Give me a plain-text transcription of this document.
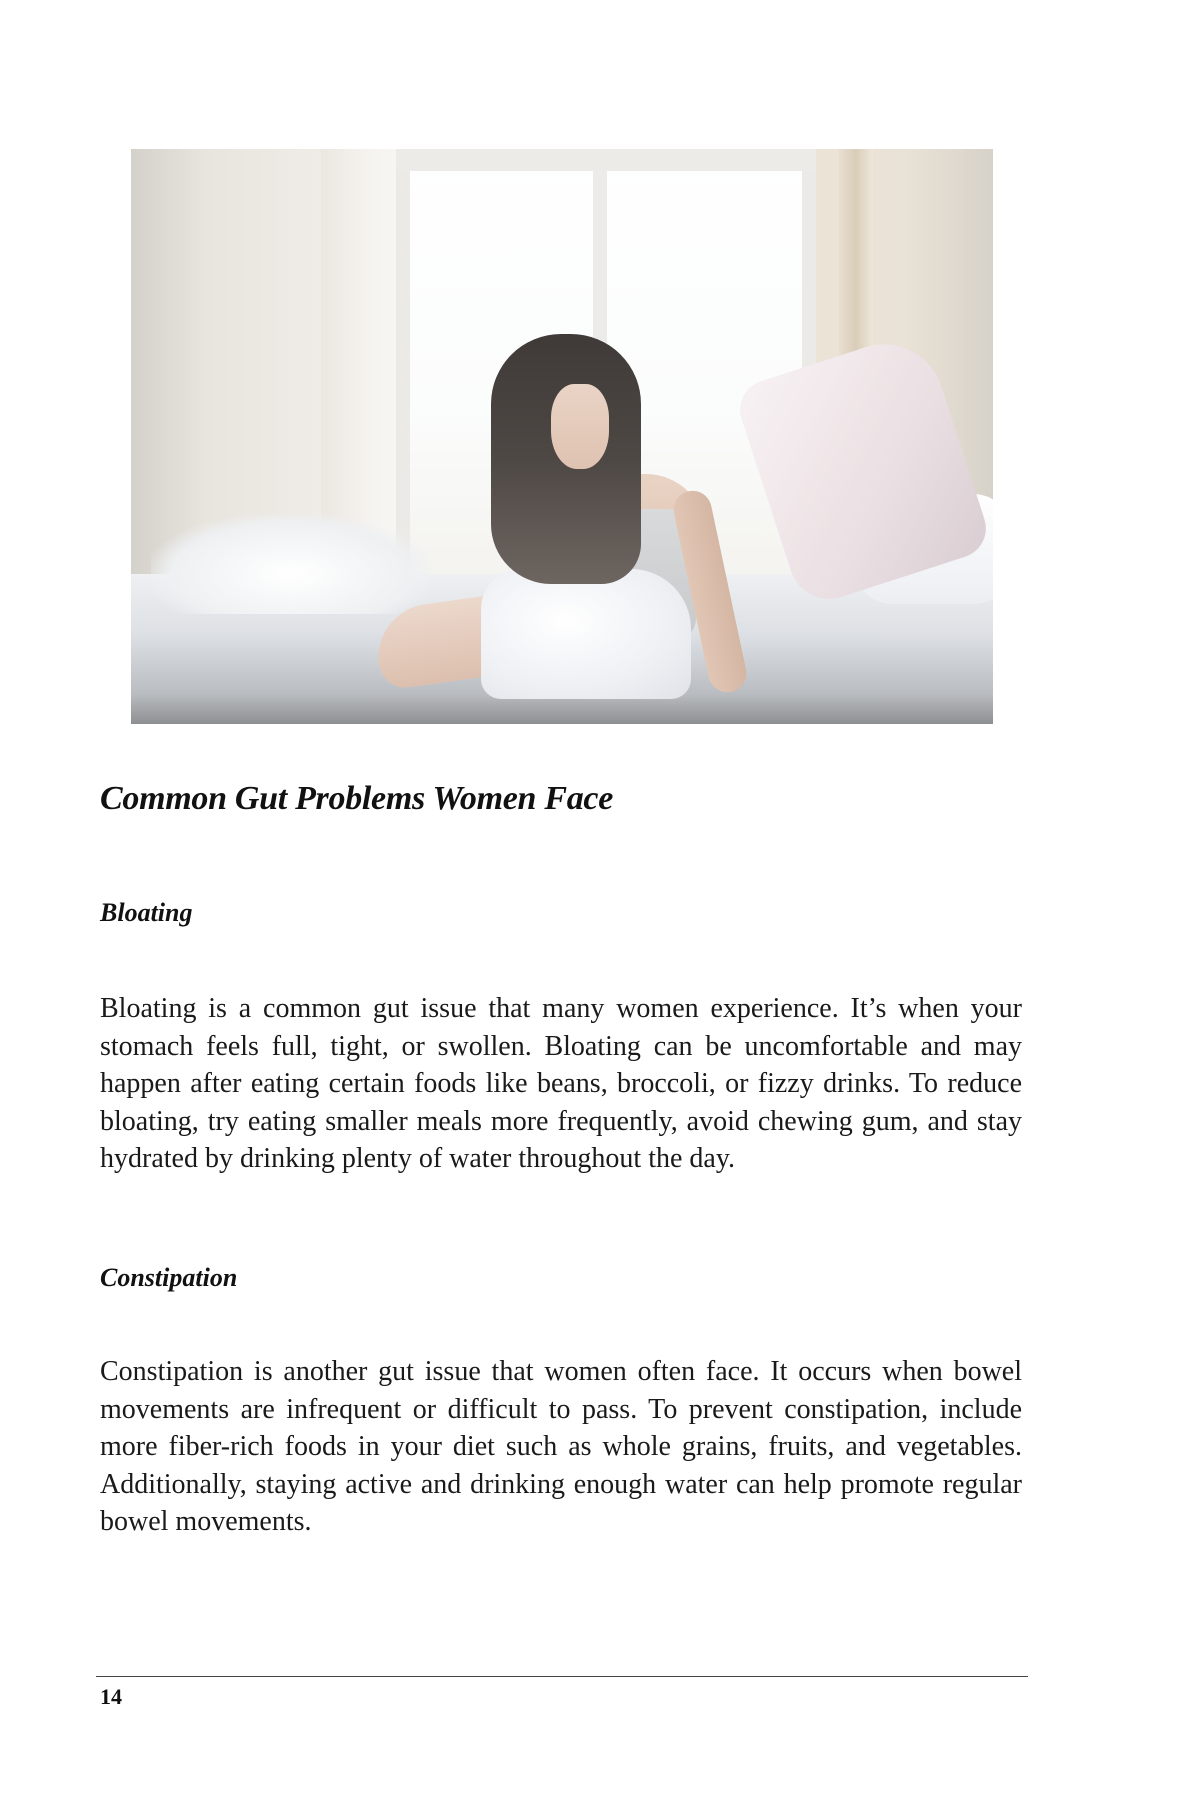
Common Gut Problems Women Face
Bloating

Bloating is a common gut issue that many women experience. It’s when your stomach feels full, tight, or swollen. Bloating can be uncomfortable and may happen after eating certain foods like beans, broccoli, or fizzy drinks. To reduce bloating, try eating smaller meals more frequently, avoid chewing gum, and stay hydrated by drinking plenty of water throughout the day.

Constipation

Constipation is another gut issue that women often face. It occurs when bowel movements are infrequent or difficult to pass. To prevent constipation, include more fiber-rich foods in your diet such as whole grains, fruits, and vegetables. Additionally, staying active and drinking enough water can help promote regular bowel movements.

14
